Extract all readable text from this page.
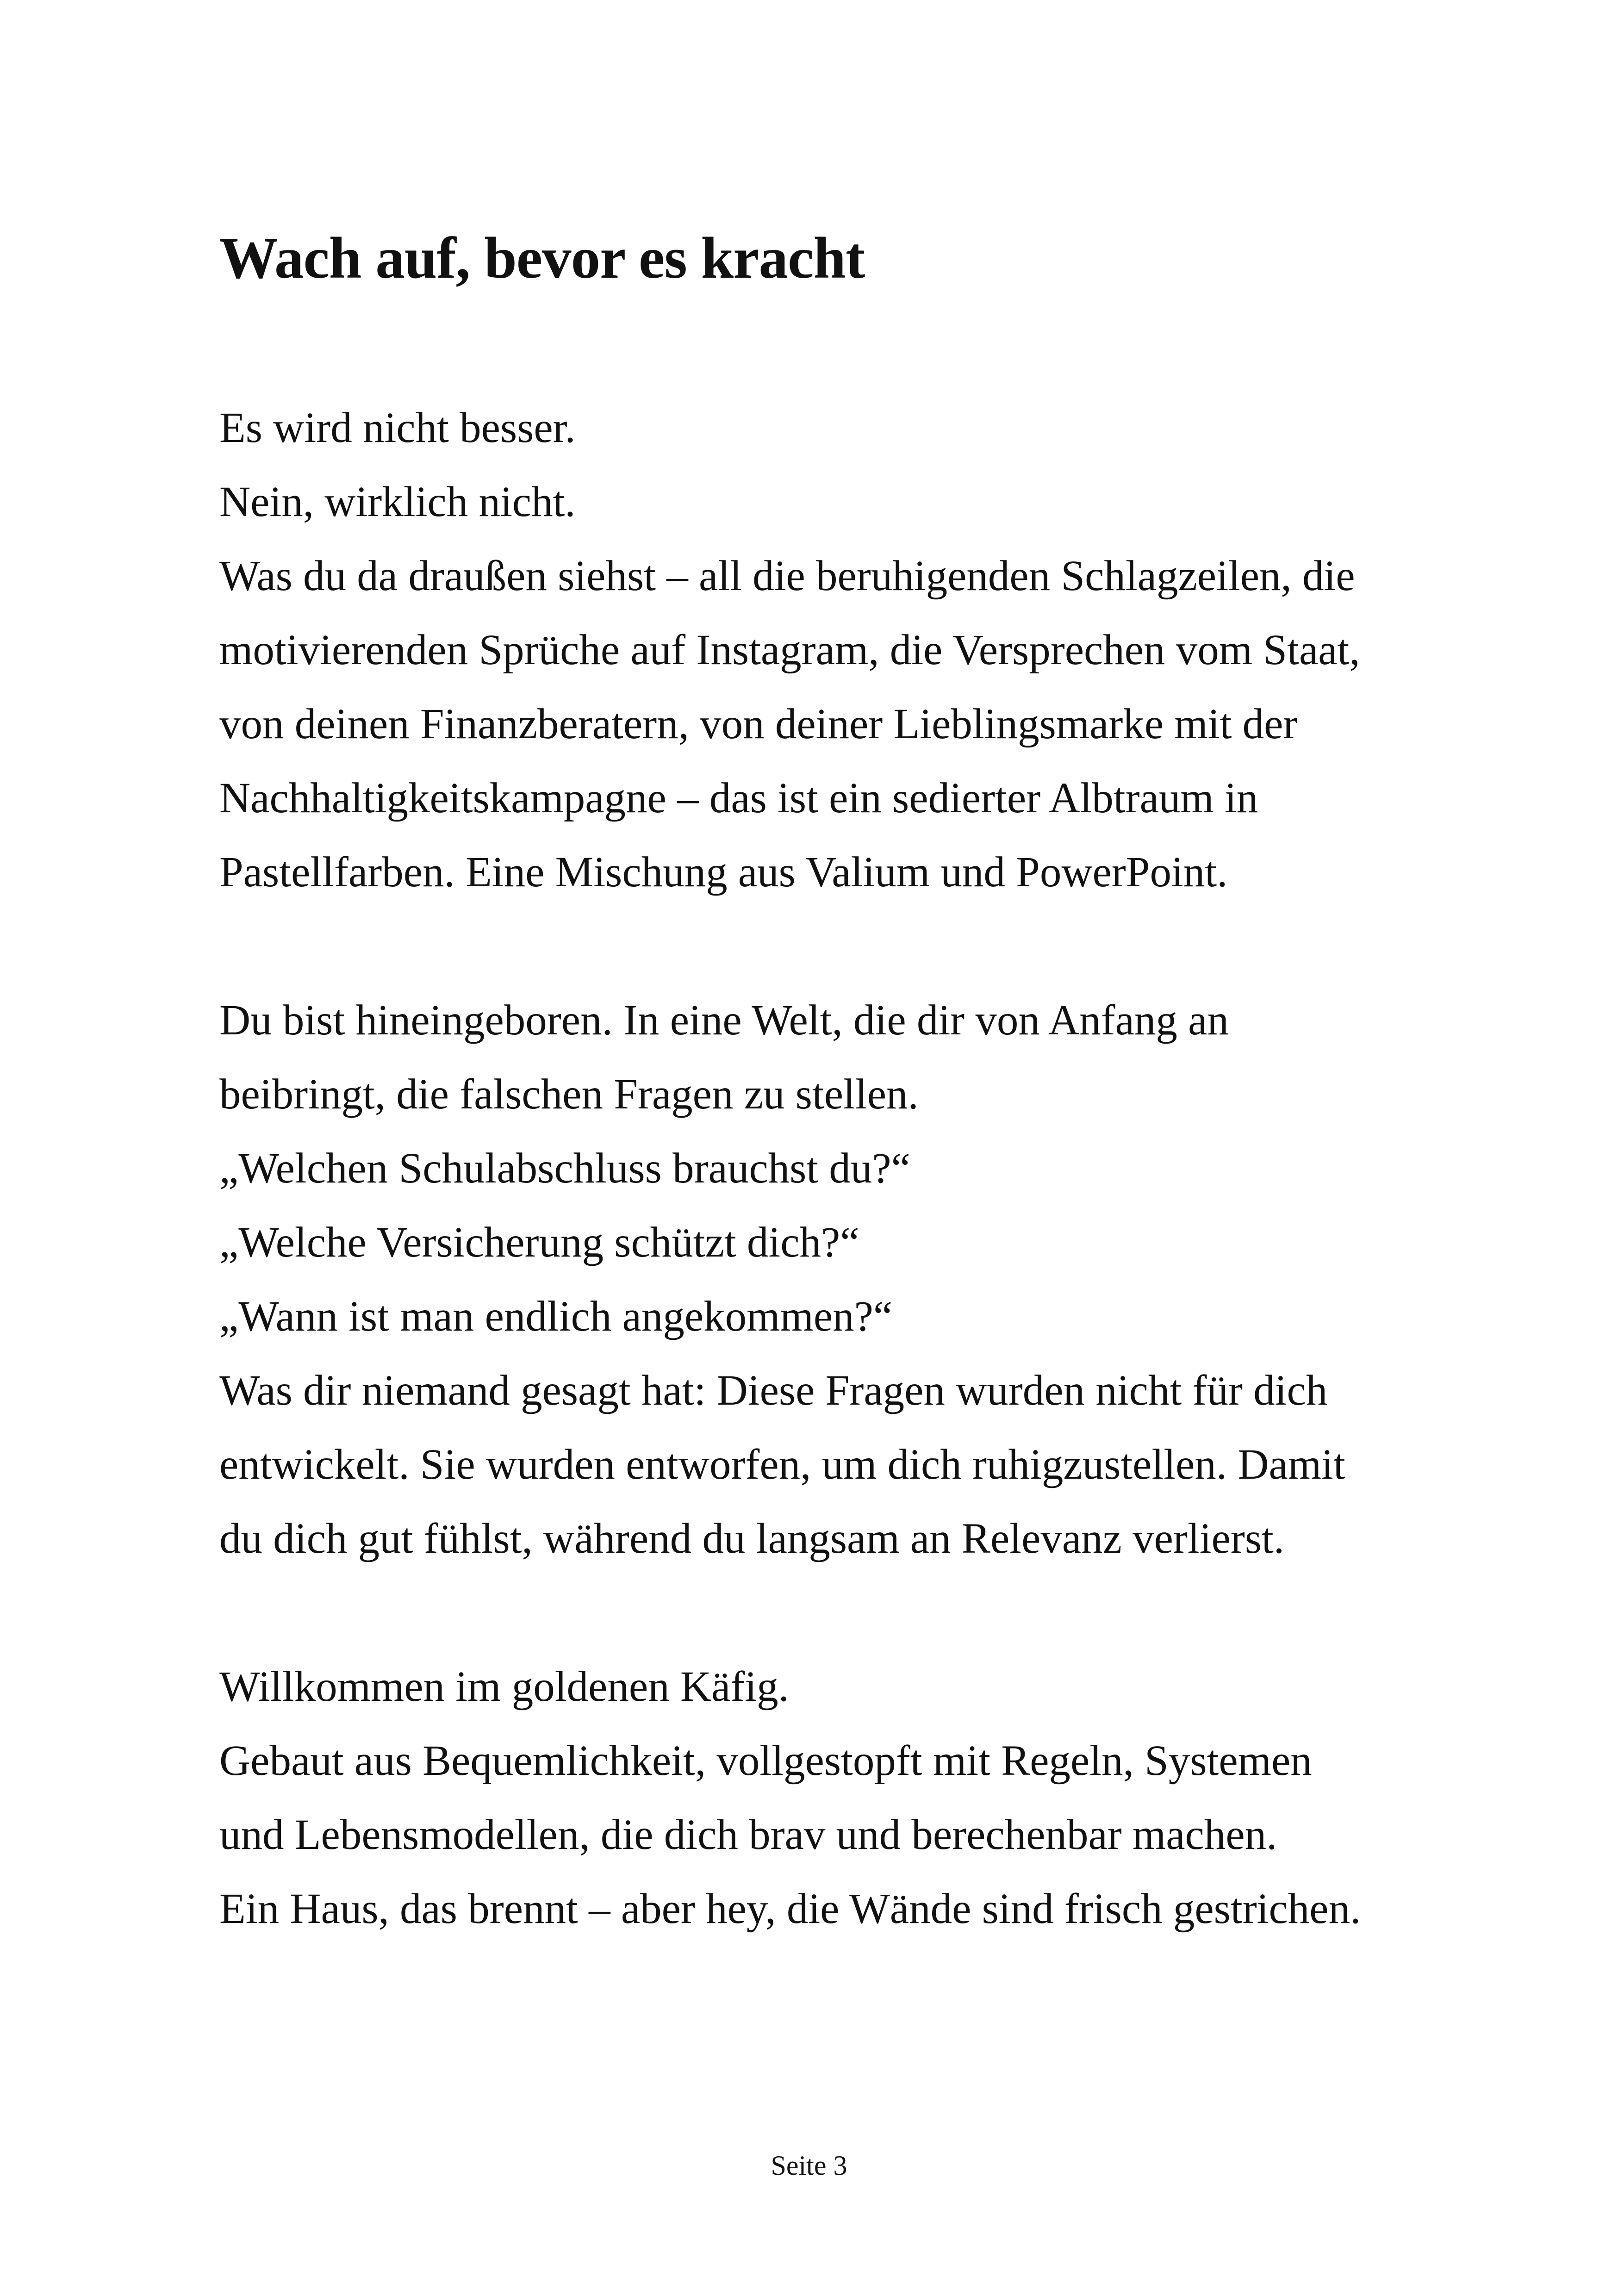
Wach auf, bevor es kracht
Es wird nicht besser.
Nein, wirklich nicht.
Was du da draußen siehst – all die beruhigenden Schlagzeilen, die
motivierenden Sprüche auf Instagram, die Versprechen vom Staat,
von deinen Finanzberatern, von deiner Lieblingsmarke mit der
Nachhaltigkeitskampagne – das ist ein sedierter Albtraum in
Pastellfarben. Eine Mischung aus Valium und PowerPoint.
Du bist hineingeboren. In eine Welt, die dir von Anfang an
beibringt, die falschen Fragen zu stellen.
„Welchen Schulabschluss brauchst du?“
„Welche Versicherung schützt dich?“
„Wann ist man endlich angekommen?“
Was dir niemand gesagt hat: Diese Fragen wurden nicht für dich
entwickelt. Sie wurden entworfen, um dich ruhigzustellen. Damit
du dich gut fühlst, während du langsam an Relevanz verlierst.
Willkommen im goldenen Käfig.
Gebaut aus Bequemlichkeit, vollgestopft mit Regeln, Systemen
und Lebensmodellen, die dich brav und berechenbar machen.
Ein Haus, das brennt – aber hey, die Wände sind frisch gestrichen.
Seite 3
